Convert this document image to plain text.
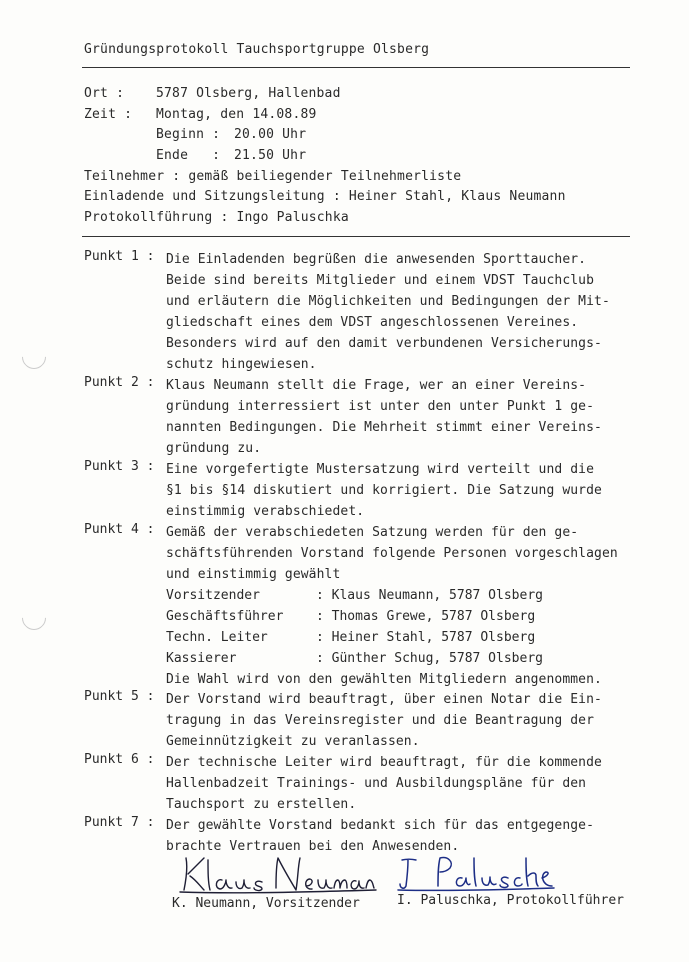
Gründungsprotokoll Tauchsportgruppe Olsberg
Ort : 5787 Olsberg, Hallenbad
Zeit : Montag, den 14.08.89
Beginn : 20.00 Uhr
Ende   : 21.50 Uhr
Teilnehmer : gemäß beiliegender Teilnehmerliste
Einladende und Sitzungsleitung : Heiner Stahl, Klaus Neumann
Protokollführung : Ingo Paluschka
Punkt 1 : Die Einladenden begrüßen die anwesenden Sporttaucher.
Beide sind bereits Mitglieder und einem VDST Tauchclub
und erläutern die Möglichkeiten und Bedingungen der Mit-
gliedschaft eines dem VDST angeschlossenen Vereines.
Besonders wird auf den damit verbundenen Versicherungs-
schutz hingewiesen.
Punkt 2 : Klaus Neumann stellt die Frage, wer an einer Vereins-
gründung interressiert ist unter den unter Punkt 1 ge-
nannten Bedingungen. Die Mehrheit stimmt einer Vereins-
gründung zu.
Punkt 3 : Eine vorgefertigte Mustersatzung wird verteilt und die
§1 bis §14 diskutiert und korrigiert. Die Satzung wurde
einstimmig verabschiedet.
Punkt 4 : Gemäß der verabschiedeten Satzung werden für den ge-
schäftsführenden Vorstand folgende Personen vorgeschlagen
und einstimmig gewählt
Vorsitzender	: Klaus Neumann, 5787 Olsberg
Geschäftsführer	: Thomas Grewe, 5787 Olsberg
Techn. Leiter	: Heiner Stahl, 5787 Olsberg
Kassierer	: Günther Schug, 5787 Olsberg
Die Wahl wird von den gewählten Mitgliedern angenommen.
Punkt 5 : Der Vorstand wird beauftragt, über einen Notar die Ein-
tragung in das Vereinsregister und die Beantragung der
Gemeinnützigkeit zu veranlassen.
Punkt 6 : Der technische Leiter wird beauftragt, für die kommende
Hallenbadzeit Trainings- und Ausbildungspläne für den
Tauchsport zu erstellen.
Punkt 7 : Der gewählte Vorstand bedankt sich für das entgegenge-
brachte Vertrauen bei den Anwesenden.
K. Neumann, Vorsitzender	I. Paluschka, Protokollführer
